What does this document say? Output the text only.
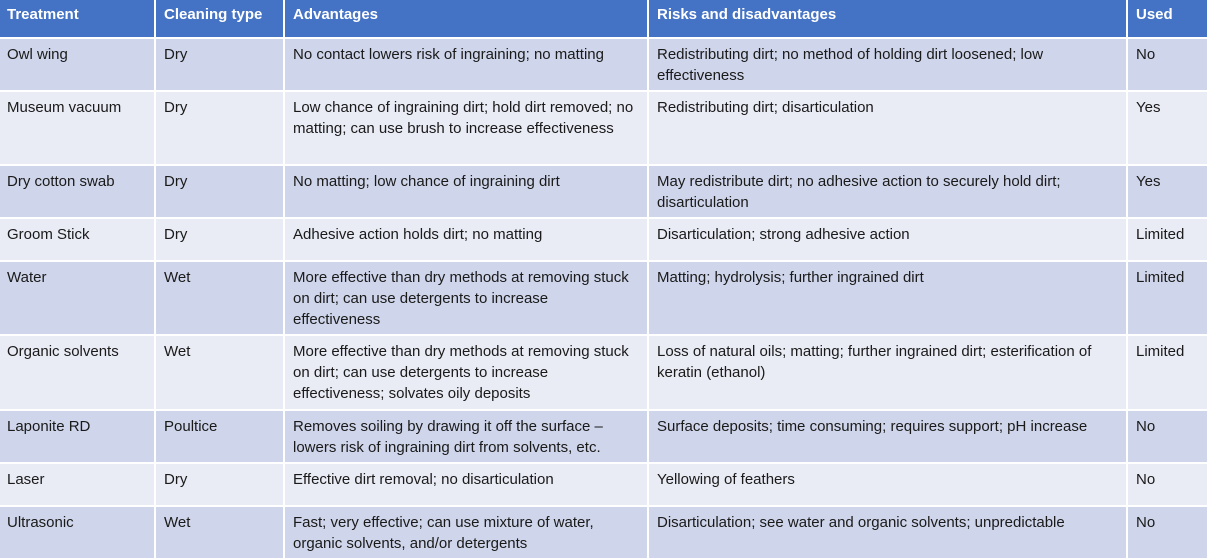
Treatment	Cleaning type	Advantages	Risks and disadvantages	Used
Owl wing	Dry	No contact lowers risk of ingraining; no matting	Redistributing dirt; no method of holding dirt loosened; low effectiveness	No
Museum vacuum	Dry	Low chance of ingraining dirt; hold dirt removed; no matting; can use brush to increase effectiveness	Redistributing dirt; disarticulation	Yes
Dry cotton swab	Dry	No matting; low chance of ingraining dirt	May redistribute dirt; no adhesive action to securely hold dirt; disarticulation	Yes
Groom Stick	Dry	Adhesive action holds dirt; no matting	Disarticulation; strong adhesive action	Limited
Water	Wet	More effective than dry methods at removing stuck on dirt; can use detergents to increase effectiveness	Matting; hydrolysis; further ingrained dirt	Limited
Organic solvents	Wet	More effective than dry methods at removing stuck on dirt; can use detergents to increase effectiveness; solvates oily deposits	Loss of natural oils; matting; further ingrained dirt; esterification of keratin (ethanol)	Limited
Laponite RD	Poultice	Removes soiling by drawing it off the surface – lowers risk of ingraining dirt from solvents, etc.	Surface deposits; time consuming; requires support; pH increase	No
Laser	Dry	Effective dirt removal; no disarticulation	Yellowing of feathers	No
Ultrasonic	Wet	Fast; very effective; can use mixture of water, organic solvents, and/or detergents	Disarticulation; see water and organic solvents; unpredictable	No
